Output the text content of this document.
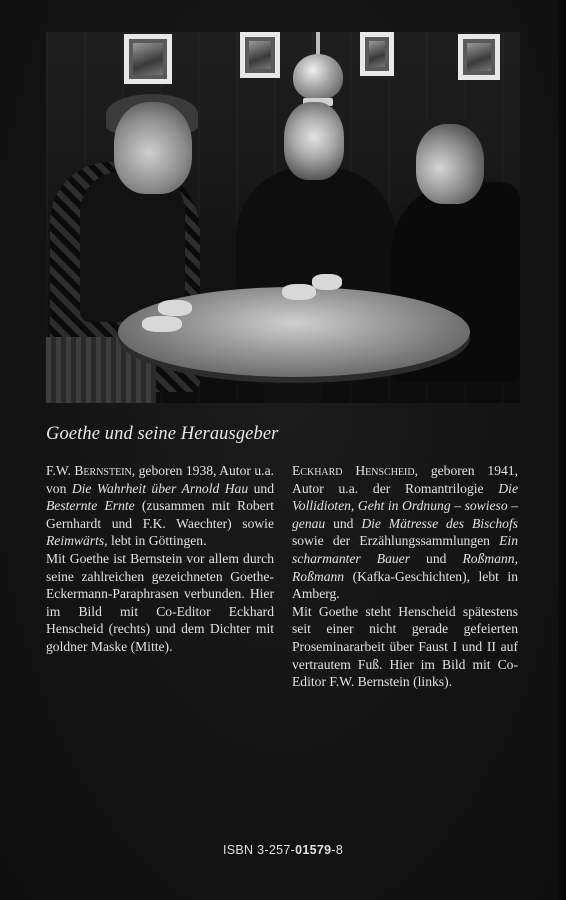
Goethe und seine Herausgeber

F.W. Bernstein, geboren 1938, Autor u.a. von Die Wahrheit über Arnold Hau und Besternte Ernte (zusammen mit Robert Gernhardt und F.K. Waechter) sowie Reimwärts, lebt in Göttingen.

Mit Goethe ist Bernstein vor allem durch seine zahlreichen gezeichneten Goethe-Eckermann-Paraphrasen verbunden. Hier im Bild mit Co-Editor Eckhard Henscheid (rechts) und dem Dichter mit goldner Maske (Mitte).

Eckhard Henscheid, geboren 1941, Autor u.a. der Romantrilogie Die Vollidioten, Geht in Ordnung – sowieso – genau und Die Mätresse des Bischofs sowie der Erzählungssammlungen Ein scharmanter Bauer und Roßmann, Roßmann (Kafka-Geschichten), lebt in Amberg.

Mit Goethe steht Henscheid spätestens seit einer nicht gerade gefeierten Proseminararbeit über Faust I und II auf vertrautem Fuß. Hier im Bild mit Co-Editor F.W. Bernstein (links).

ISBN 3-257-01579-8
